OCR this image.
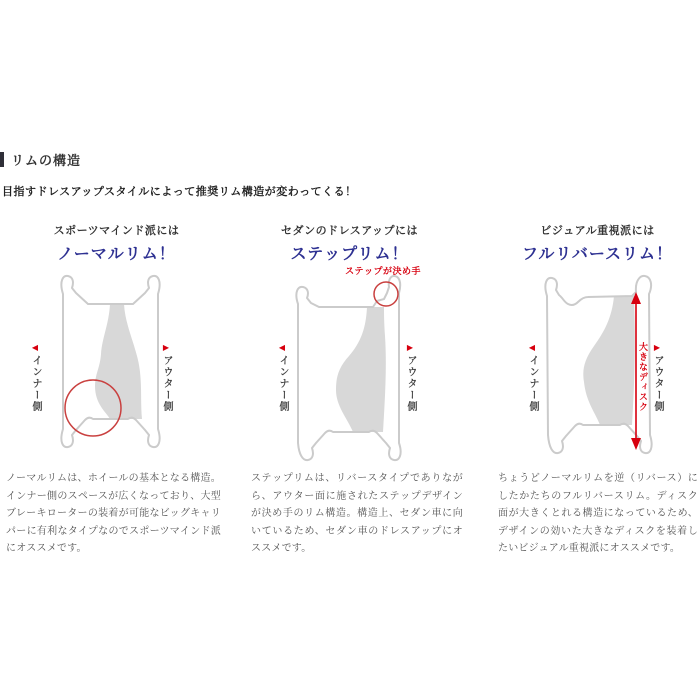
リムの構造
目指すドレスアップスタイルによって推奨リム構造が変わってくる！
スポーツマインド派には
ノーマルリム！
◀
インナー側
▶
アウター側
ノーマルリムは、ホイールの基本となる構造。インナー側のスペースが広くなっており、大型ブレーキローターの装着が可能なビッグキャリパーに有利なタイプなのでスポーツマインド派にオススメです。
セダンのドレスアップには
ステップリム！
ステップが決め手
◀
インナー側
▶
アウター側
ステップリムは、リバースタイプでありながら、アウター面に施されたステップデザインが決め手のリム構造。構造上、セダン車に向いているため、セダン車のドレスアップにオススメです。
ビジュアル重視派には
フルリバースリム！
大きなディスク
◀
インナー側
▶
アウター側
ちょうどノーマルリムを逆（リバース）にしたかたちのフルリバースリム。ディスク面が大きくとれる構造になっているため、デザインの効いた大きなディスクを装着したいビジュアル重視派にオススメです。
